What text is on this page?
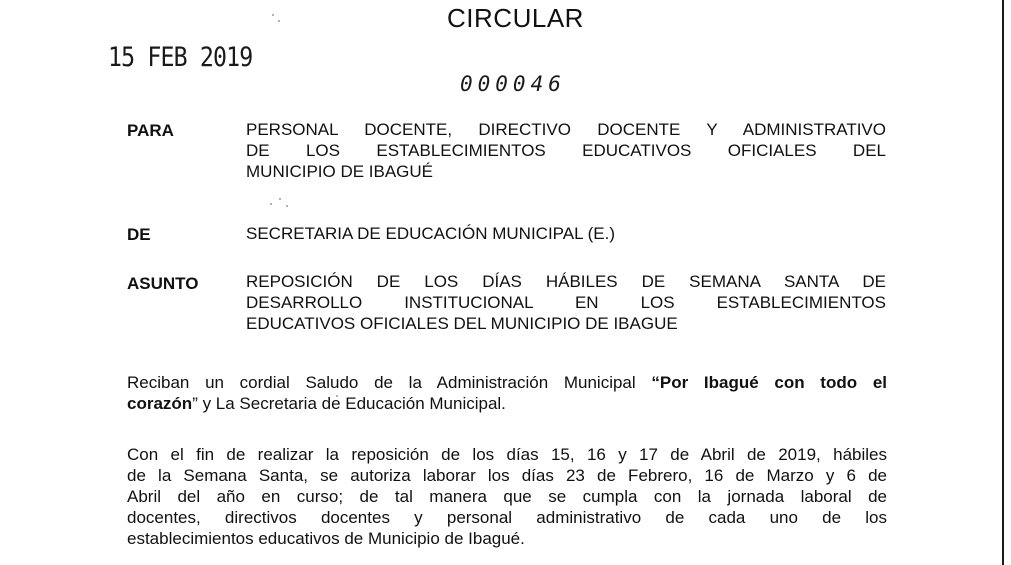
15 FEB 2019
CIRCULAR
000046
PARA	PERSONAL DOCENTE, DIRECTIVO DOCENTE Y ADMINISTRATIVO
DE LOS ESTABLECIMIENTOS EDUCATIVOS OFICIALES DEL
MUNICIPIO DE IBAGUÉ
DE	SECRETARIA DE EDUCACIÓN MUNICIPAL (E.)
ASUNTO	REPOSICIÓN DE LOS DÍAS HÁBILES DE SEMANA SANTA DE
DESARROLLO INSTITUCIONAL EN LOS ESTABLECIMIENTOS
EDUCATIVOS OFICIALES DEL MUNICIPIO DE IBAGUE
Reciban un cordial Saludo de la Administración Municipal “Por Ibagué con todo el
corazón” y La Secretaria de Educación Municipal.
Con el fin de realizar la reposición de los días 15, 16 y 17 de Abril de 2019, hábiles
de la Semana Santa, se autoriza laborar los días 23 de Febrero, 16 de Marzo y 6 de
Abril del año en curso; de tal manera que se cumpla con la jornada laboral de
docentes, directivos docentes y personal administrativo de cada uno de los
establecimientos educativos de Municipio de Ibagué.
